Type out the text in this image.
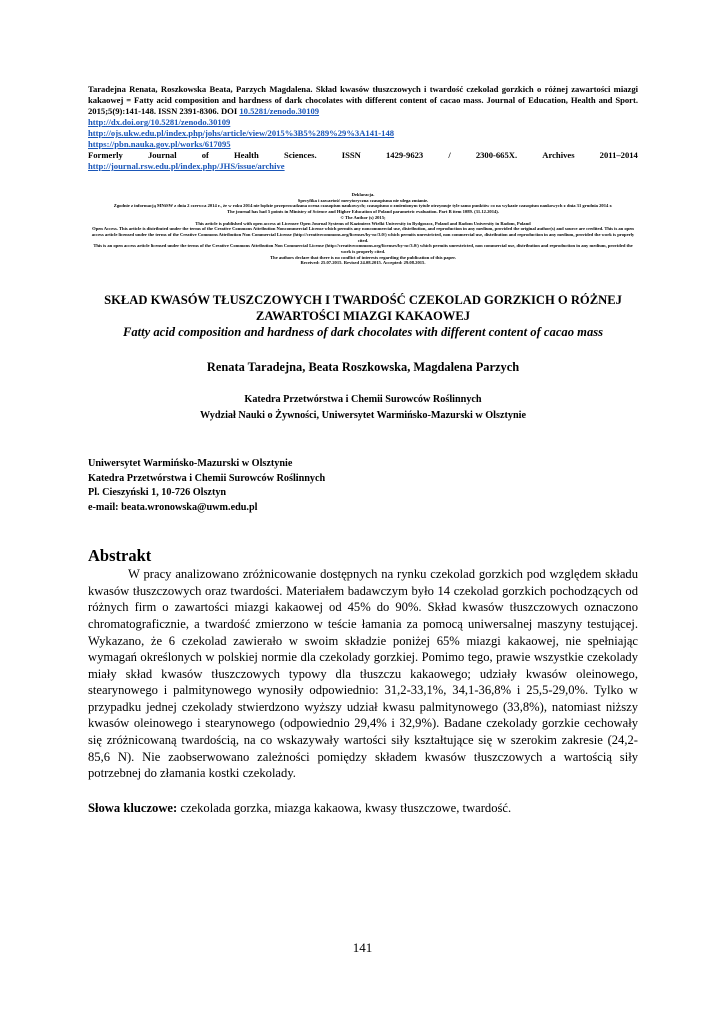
Taradejna Renata, Roszkowska Beata, Parzych Magdalena. Skład kwasów tłuszczowych i twardość czekolad gorzkich o różnej zawartości miazgi kakaowej = Fatty acid composition and hardness of dark chocolates with different content of cacao mass. Journal of Education, Health and Sport. 2015;5(9):141-148. ISSN 2391-8306. DOI 10.5281/zenodo.30109
http://dx.doi.org/10.5281/zenodo.30109
http://ojs.ukw.edu.pl/index.php/johs/article/view/2015%3B5%289%29%3A141-148
https://pbn.nauka.gov.pl/works/617095
Formerly	Journal	of	Health	Sciences.	ISSN	1429-9623	/	2300-665X.	Archives	2011–2014
http://journal.rsw.edu.pl/index.php/JHS/issue/archive
Deklaracja.
Specyfika i zawartość merytoryczna czasopisma nie ulega zmianie.
Zgodnie z informacją MNiSW z dnia 2 czerwca 2014 r., że w roku 2014 nie będzie przeprowadzana ocena czasopism naukowych; czasopismo o zmienionym tytule otrzymuje tyle samo punktów co na wykazie czasopism naukowych z dnia 31 grudnia 2014 r.
The journal has had 5 points in Ministry of Science and Higher Education of Poland parametric evaluation. Part B item 1089. (31.12.2014).
© The Author (s) 2015;
This article is published with open access at Licensee Open Journal Systems of Kazimierz Wielki University in Bydgoszcz, Poland and Radom University in Radom, Poland
Open Access. This article is distributed under the terms of the Creative Commons Attribution Noncommercial License which permits any noncommercial use, distribution, and reproduction in any medium, provided the original author(s) and source are credited. This is an open access article licensed under the terms of the Creative Commons Attribution Non Commercial License (http://creativecommons.org/licenses/by-nc/3.0/) which permits unrestricted, non commercial use, distribution and reproduction in any medium, provided the work is properly cited.
This is an open access article licensed under the terms of the Creative Commons Attribution Non Commercial License (http://creativecommons.org/licenses/by-nc/3.0/) which permits unrestricted, non commercial use, distribution and reproduction in any medium, provided the work is properly cited.
The authors declare that there is no conflict of interests regarding the publication of this paper.
Received: 25.07.2015. Revised 24.08.2015. Accepted: 29.08.2015.
SKŁAD KWASÓW TŁUSZCZOWYCH I TWARDOŚĆ CZEKOLAD GORZKICH O RÓŻNEJ ZAWARTOŚCI MIAZGI KAKAOWEJ
Fatty acid composition and hardness of dark chocolates with different content of cacao mass
Renata Taradejna, Beata Roszkowska, Magdalena Parzych
Katedra Przetwórstwa i Chemii Surowców Roślinnych
Wydział Nauki o Żywności, Uniwersytet Warmińsko-Mazurski w Olsztynie
Uniwersytet Warmińsko-Mazurski w Olsztynie
Katedra Przetwórstwa i Chemii Surowców Roślinnych
Pl. Cieszyński 1, 10-726 Olsztyn
e-mail: beata.wronowska@uwm.edu.pl
Abstrakt

W pracy analizowano zróżnicowanie dostępnych na rynku czekolad gorzkich pod względem składu kwasów tłuszczowych oraz twardości. Materiałem badawczym było 14 czekolad gorzkich pochodzących od różnych firm o zawartości miazgi kakaowej od 45% do 90%. Skład kwasów tłuszczowych oznaczono chromatograficznie, a twardość zmierzono w teście łamania za pomocą uniwersalnej maszyny testującej. Wykazano, że 6 czekolad zawierało w swoim składzie poniżej 65% miazgi kakaowej, nie spełniając wymagań określonych w polskiej normie dla czekolady gorzkiej. Pomimo tego, prawie wszystkie czekolady miały skład kwasów tłuszczowych typowy dla tłuszczu kakaowego; udziały kwasów oleinowego, stearynowego i palmitynowego wynosiły odpowiednio: 31,2-33,1%, 34,1-36,8% i 25,5-29,0%. Tylko w przypadku jednej czekolady stwierdzono wyższy udział kwasu palmitynowego (33,8%), natomiast niższy kwasów oleinowego i stearynowego (odpowiednio 29,4% i 32,9%). Badane czekolady gorzkie cechowały się zróżnicowaną twardością, na co wskazywały wartości siły kształtujące się w szerokim zakresie (24,2-85,6 N). Nie zaobserwowano zależności pomiędzy składem kwasów tłuszczowych a wartością siły potrzebnej do złamania kostki czekolady.

Słowa kluczowe: czekolada gorzka, miazga kakaowa, kwasy tłuszczowe, twardość.
141
